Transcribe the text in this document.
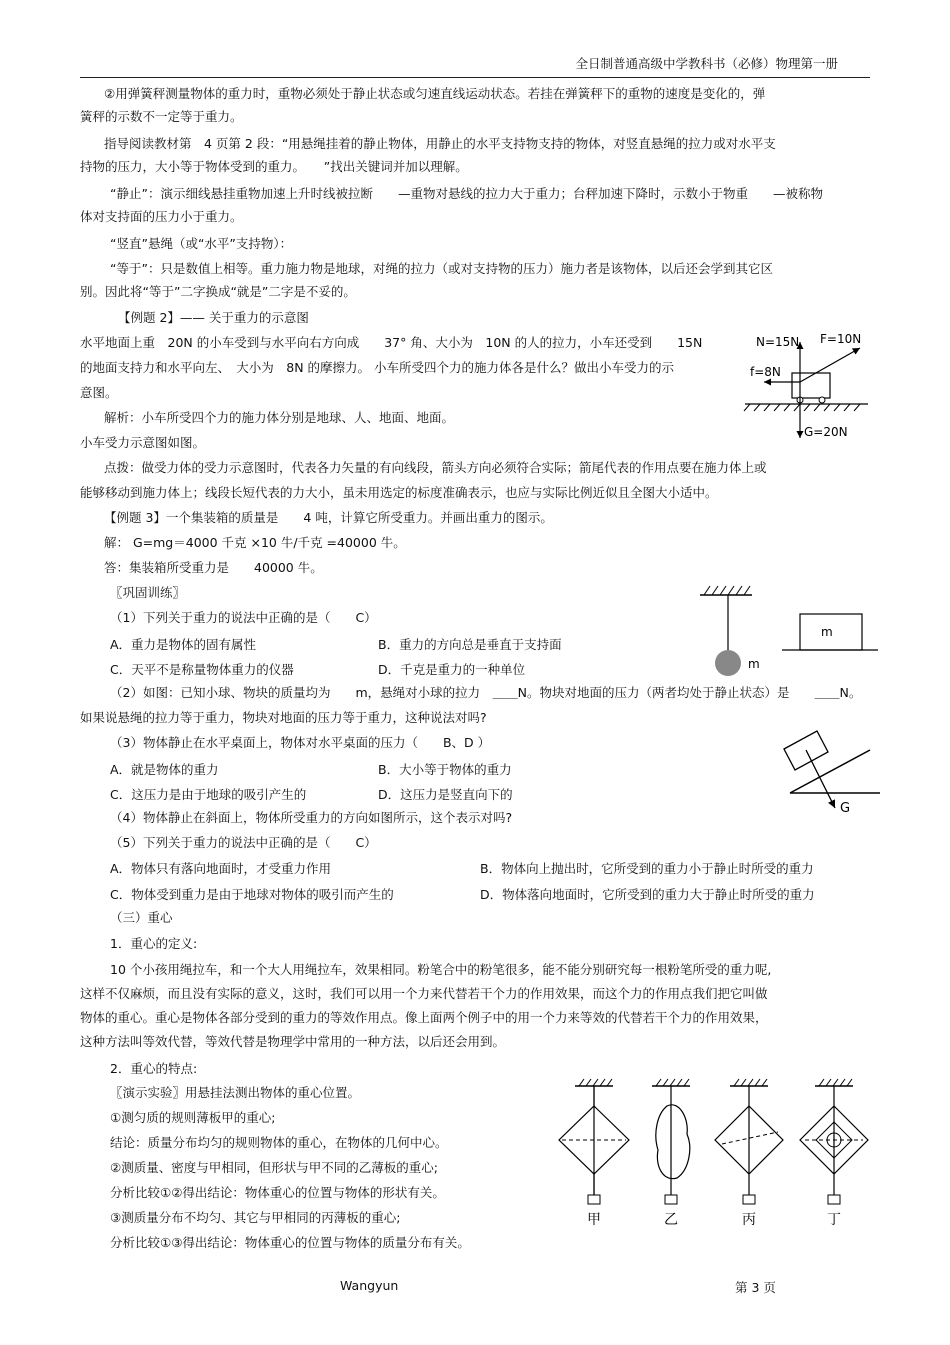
全日制普通高级中学教科书（必修）物理第一册
②用弹簧秤测量物体的重力时，重物必须处于静止状态或匀速直线运动状态。若挂在弹簧秤下的重物的速度是变化的，弹
簧秤的示数不一定等于重力。
指导阅读教材第　4 页第 2 段：“用悬绳挂着的静止物体，用静止的水平支持物支持的物体，对竖直悬绳的拉力或对水平支
持物的压力，大小等于物体受到的重力。　　”找出关键词并加以理解。
“静止”：演示细线悬挂重物加速上升时线被拉断　　—重物对悬线的拉力大于重力；台秤加速下降时，示数小于物重　　—被称物
体对支持面的压力小于重力。
“竖直”悬绳（或“水平”支持物）：
“等于”：只是数值上相等。重力施力物是地球，对绳的拉力（或对支持物的压力）施力者是该物体，以后还会学到其它区
别。因此将“等于”二字换成“就是”二字是不妥的。
【例题 2】—— 关于重力的示意图
水平地面上重　20N 的小车受到与水平向右方向成　　37° 角、大小为　10N 的人的拉力，小车还受到　　15N
的地面支持力和水平向左、　大小为　8N 的摩擦力。 小车所受四个力的施力体各是什么？做出小车受力的示
意图。
解析：小车所受四个力的施力体分别是地球、人、地面、地面。
小车受力示意图如图。
点拨：做受力体的受力示意图时，代表各力矢量的有向线段，箭头方向必须符合实际；箭尾代表的作用点要在施力体上或
能够移动到施力体上；线段长短代表的力大小，虽未用选定的标度准确表示，也应与实际比例近似且全图大小适中。
【例题 3】一个集装箱的质量是　　4 吨，计算它所受重力。并画出重力的图示。
解： G=mg＝4000 千克 ×10 牛/千克 =40000 牛。
答：集装箱所受重力是　　40000 牛。
〖巩固训练〗
（1）下列关于重力的说法中正确的是（　　C）
A．重力是物体的固有属性	B．重力的方向总是垂直于支持面
C．天平不是称量物体重力的仪器	D．千克是重力的一种单位
（2）如图：已知小球、物块的质量均为　　m，悬绳对小球的拉力　＿＿N。物块对地面的压力（两者均处于静止状态）是　　＿＿N。
如果说悬绳的拉力等于重力，物块对地面的压力等于重力，这种说法对吗?
（3）物体静止在水平桌面上，物体对水平桌面的压力（　　B、D ）
A．就是物体的重力	B．大小等于物体的重力
C．这压力是由于地球的吸引产生的	D．这压力是竖直向下的
（4）物体静止在斜面上，物体所受重力的方向如图所示，这个表示对吗?
（5）下列关于重力的说法中正确的是（　　C）
A．物体只有落向地面时，才受重力作用	B．物体向上抛出时，它所受到的重力小于静止时所受的重力
C．物体受到重力是由于地球对物体的吸引而产生的	D．物体落向地面时，它所受到的重力大于静止时所受的重力
（三）重心
1．重心的定义:
10 个小孩用绳拉车，和一个大人用绳拉车，效果相同。粉笔合中的粉笔很多，能不能分别研究每一根粉笔所受的重力呢,
这样不仅麻烦，而且没有实际的意义，这时，我们可以用一个力来代替若干个力的作用效果，而这个力的作用点我们把它叫做
物体的重心。重心是物体各部分受到的重力的等效作用点。像上面两个例子中的用一个力来等效的代替若干个力的作用效果，
这种方法叫等效代替，等效代替是物理学中常用的一种方法，以后还会用到。
2．重心的特点:
〖演示实验〗用悬挂法测出物体的重心位置。
①测匀质的规则薄板甲的重心;
结论：质量分布均匀的规则物体的重心，在物体的几何中心。
②测质量、密度与甲相同，但形状与甲不同的乙薄板的重心;
分析比较①②得出结论：物体重心的位置与物体的形状有关。
③测质量分布不均匀、其它与甲相同的丙薄板的重心;
分析比较①③得出结论：物体重心的位置与物体的质量分布有关。
N=15N F=10N
f=8N
G=20N
m
m
G
甲	乙	丙	丁
Wangyun	第 3 页
